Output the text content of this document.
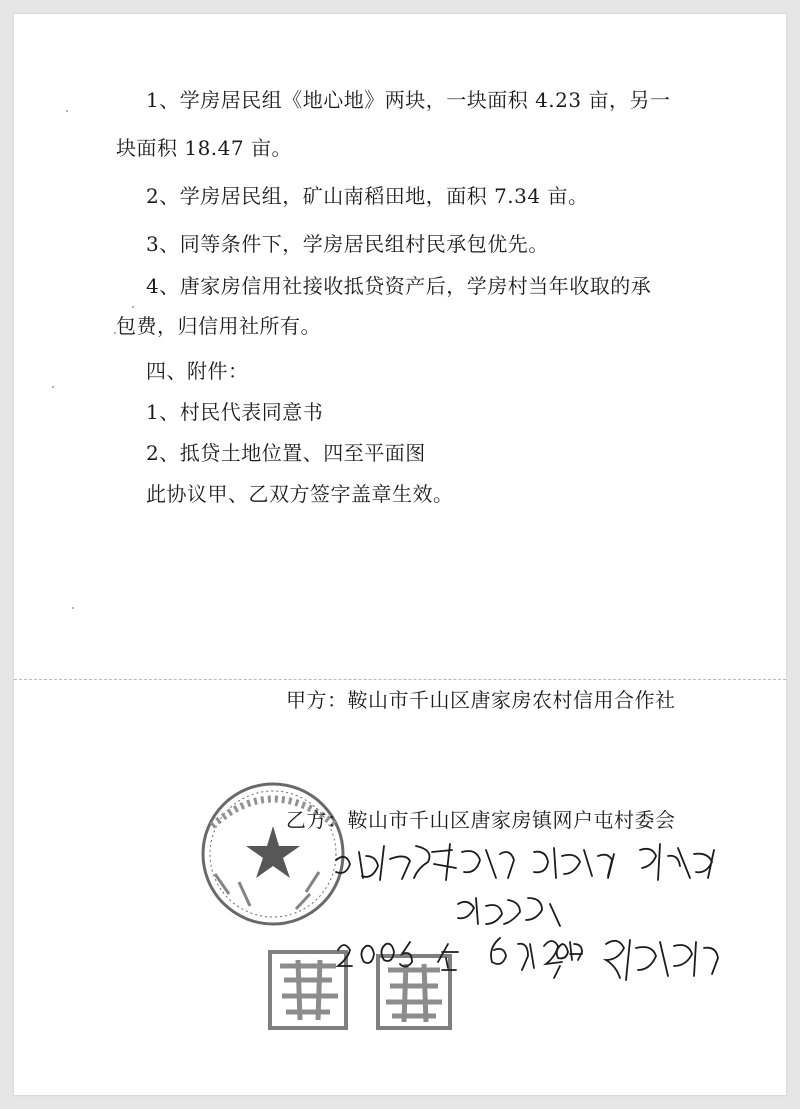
1、学房居民组《地心地》两块，一块面积 4.23 亩，另一
块面积 18.47 亩。
2、学房居民组，矿山南稻田地，面积 7.34 亩。
3、同等条件下，学房居民组村民承包优先。
4、唐家房信用社接收抵贷资产后，学房村当年收取的承
包费，归信用社所有。
四、附件：
1、村民代表同意书
2、抵贷土地位置、四至平面图
此协议甲、乙双方签字盖章生效。
甲方：鞍山市千山区唐家房农村信用合作社
乙方：鞍山市千山区唐家房镇网户屯村委会
